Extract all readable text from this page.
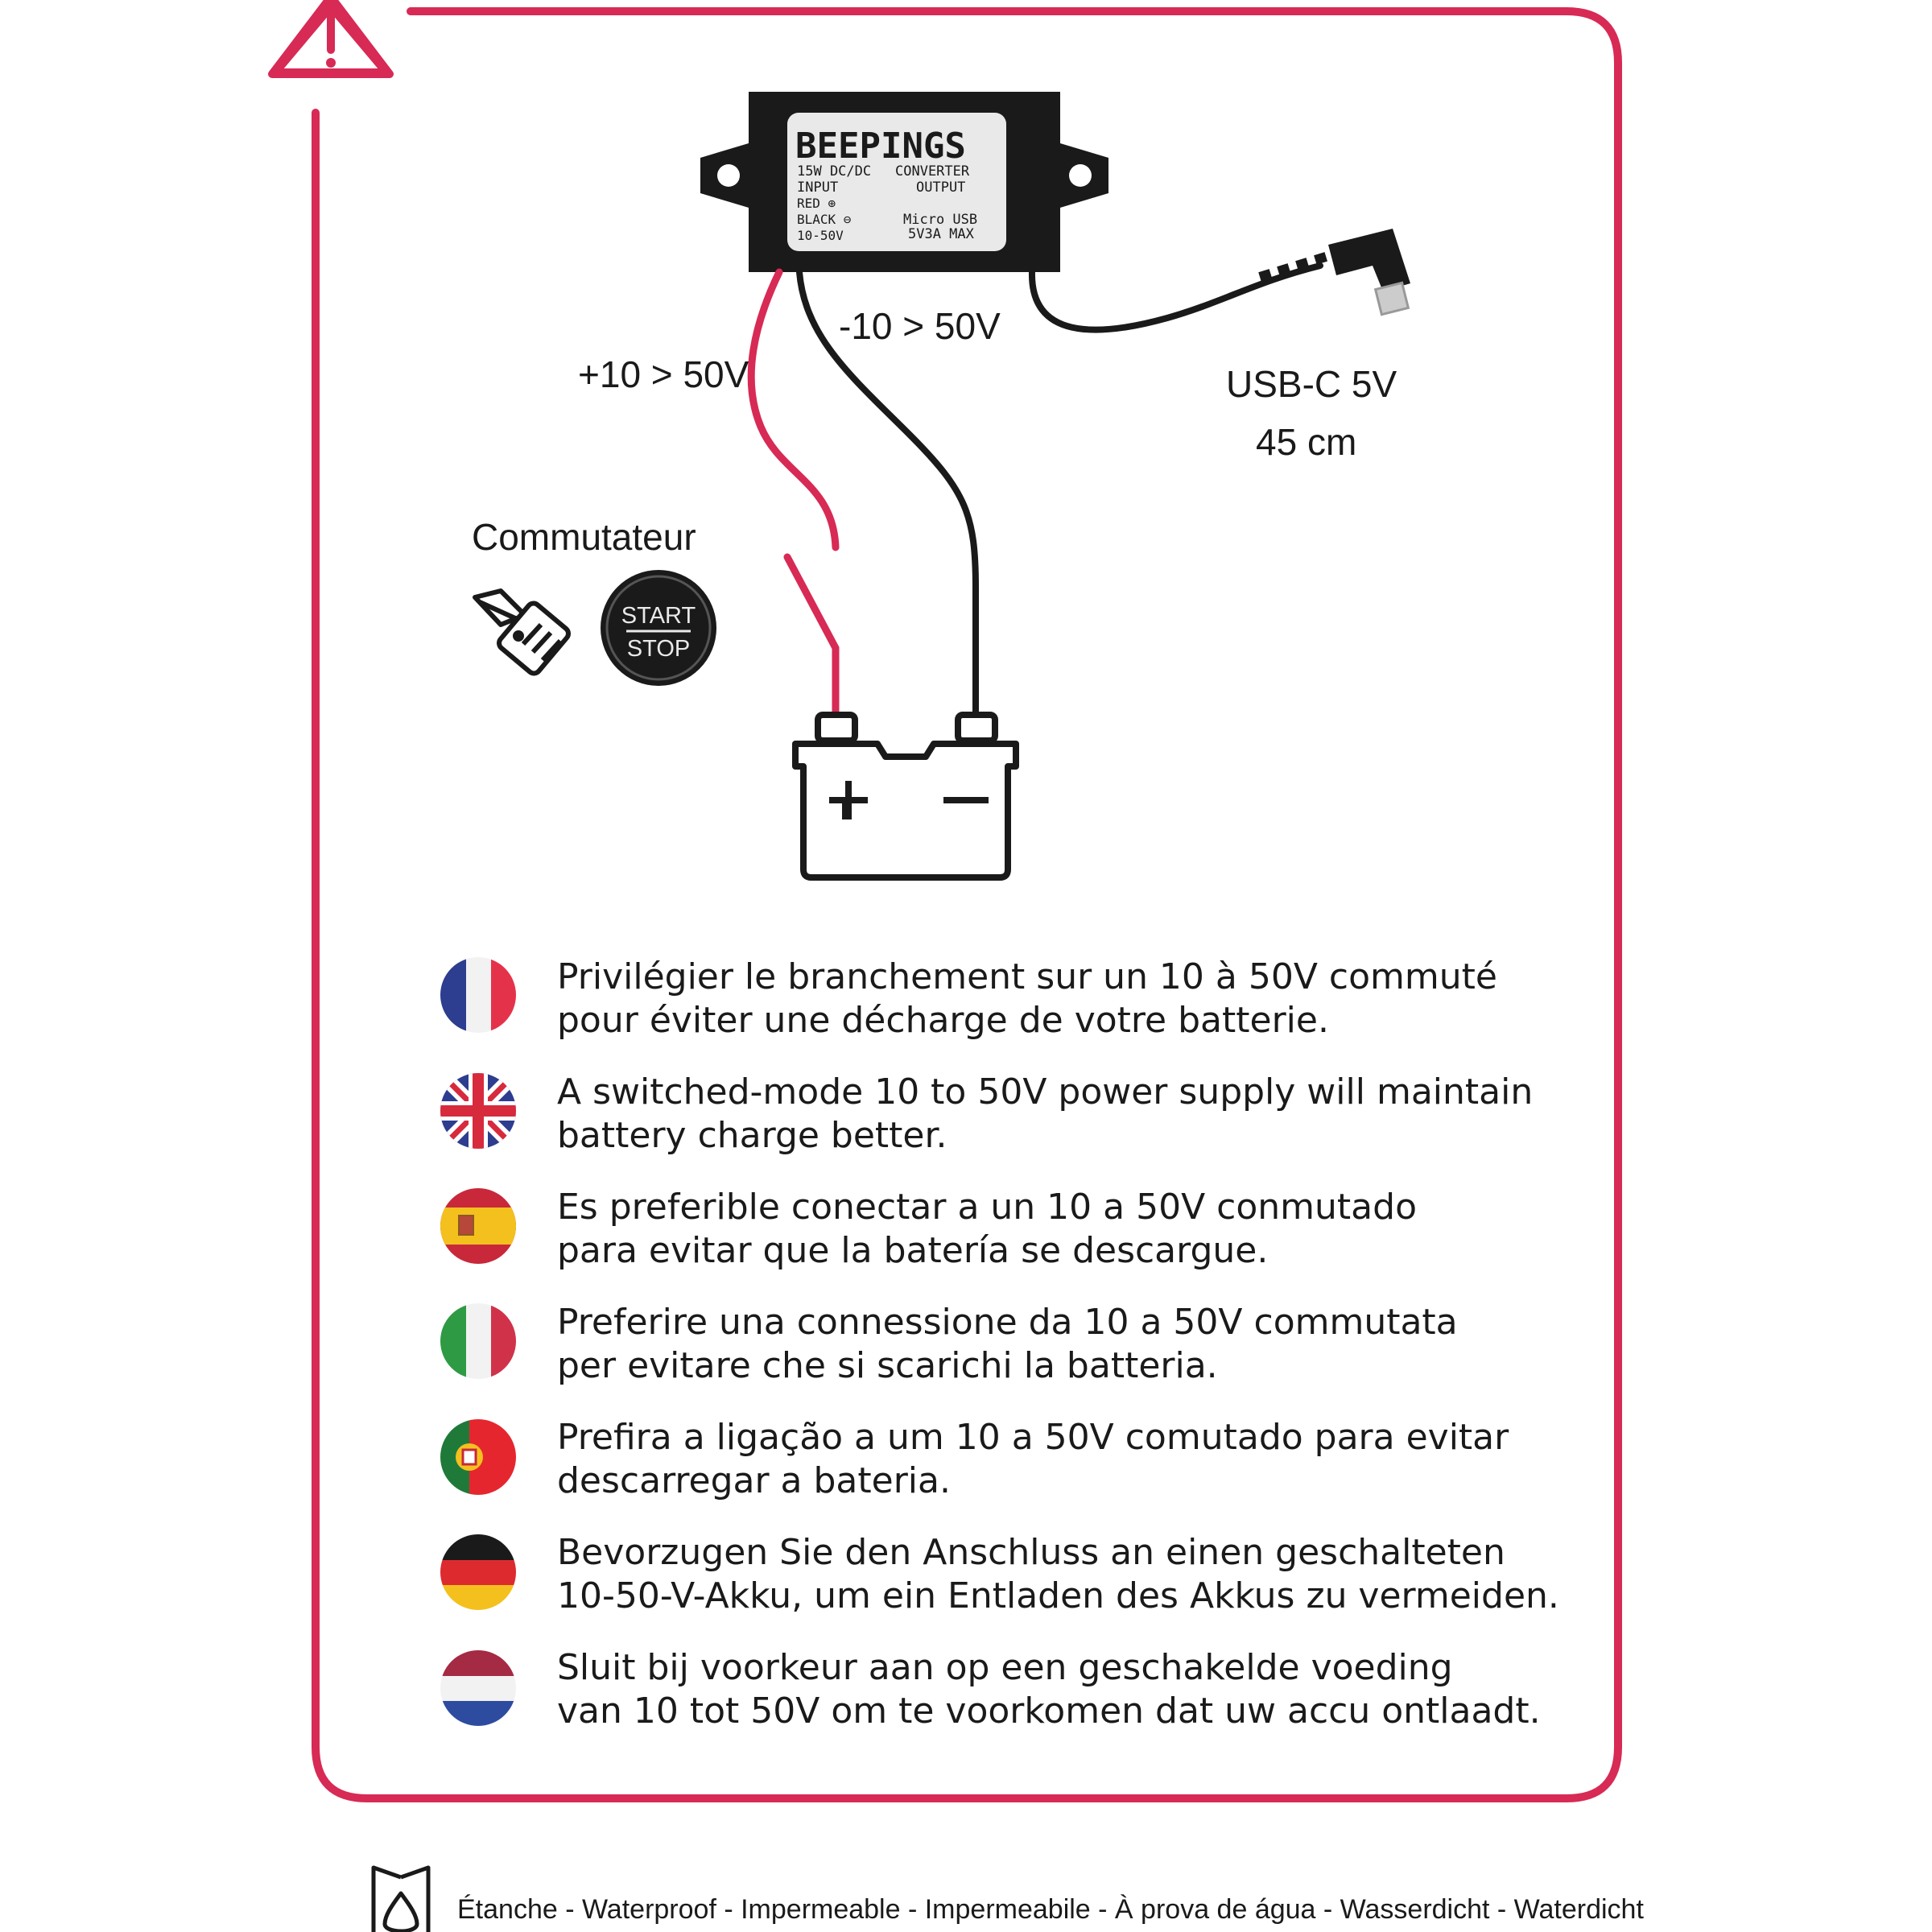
BEEPINGS
15W DC/DC CONVERTER
INPUT	OUTPUT
RED ⊕
BLACK ⊖
10-50V
Micro USB
5V3A MAX
START
STOP
+10 > 50V
-10 > 50V
USB-C 5V
45 cm
Commutateur
Privilégier le branchement sur un 10 à 50V commuté
pour éviter une décharge de votre batterie.
A switched-mode 10 to 50V power supply will maintain
battery charge better.
Es preferible conectar a un 10 a 50V conmutado
para evitar que la batería se descargue.
Preferire una connessione da 10 a 50V commutata
per evitare che si scarichi la batteria.
Prefira a ligação a um 10 a 50V comutado para evitar
descarregar a bateria.
Bevorzugen Sie den Anschluss an einen geschalteten
10-50-V-Akku, um ein Entladen des Akkus zu vermeiden.
Sluit bij voorkeur aan op een geschakelde voeding
van 10 tot 50V om te voorkomen dat uw accu ontlaadt.
Étanche - Waterproof - Impermeable - Impermeabile - À prova de água - Wasserdicht - Waterdicht
